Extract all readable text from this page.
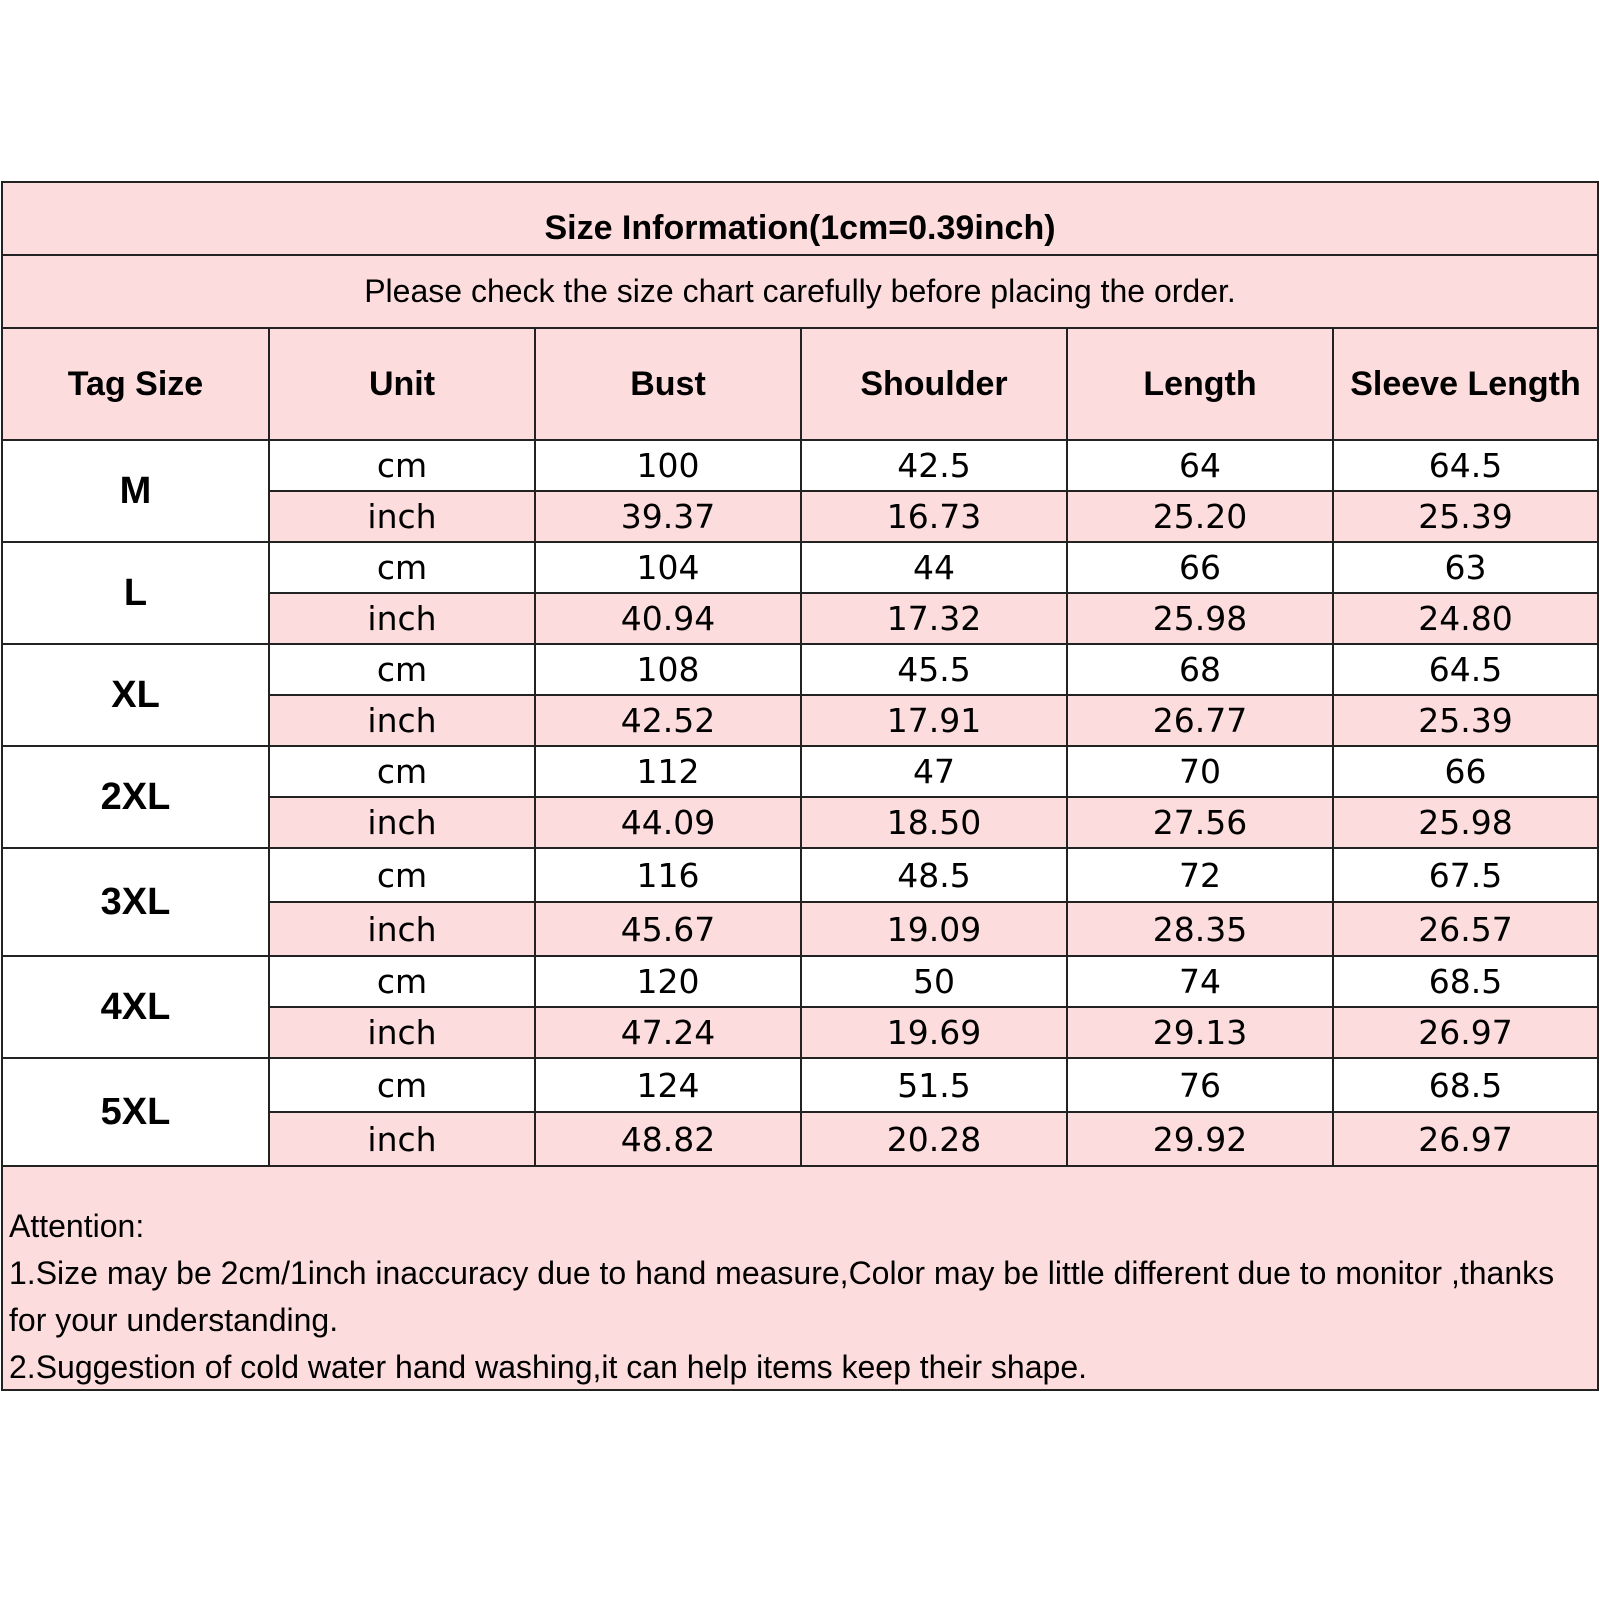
Size Information(1cm=0.39inch)
Please check the size chart carefully before placing the order.
Tag Size	Unit	Bust	Shoulder	Length	Sleeve Length
M	cm	100	42.5	64	64.5
	inch	39.37	16.73	25.20	25.39
L	cm	104	44	66	63
	inch	40.94	17.32	25.98	24.80
XL	cm	108	45.5	68	64.5
	inch	42.52	17.91	26.77	25.39
2XL	cm	112	47	70	66
	inch	44.09	18.50	27.56	25.98
3XL	cm	116	48.5	72	67.5
	inch	45.67	19.09	28.35	26.57
4XL	cm	120	50	74	68.5
	inch	47.24	19.69	29.13	26.97
5XL	cm	124	51.5	76	68.5
	inch	48.82	20.28	29.92	26.97

Attention:

1.Size may be 2cm/1inch inaccuracy due to hand measure,Color may be little different due to monitor ,thanks for your understanding.

2.Suggestion of cold water hand washing,it can help items keep their shape.
